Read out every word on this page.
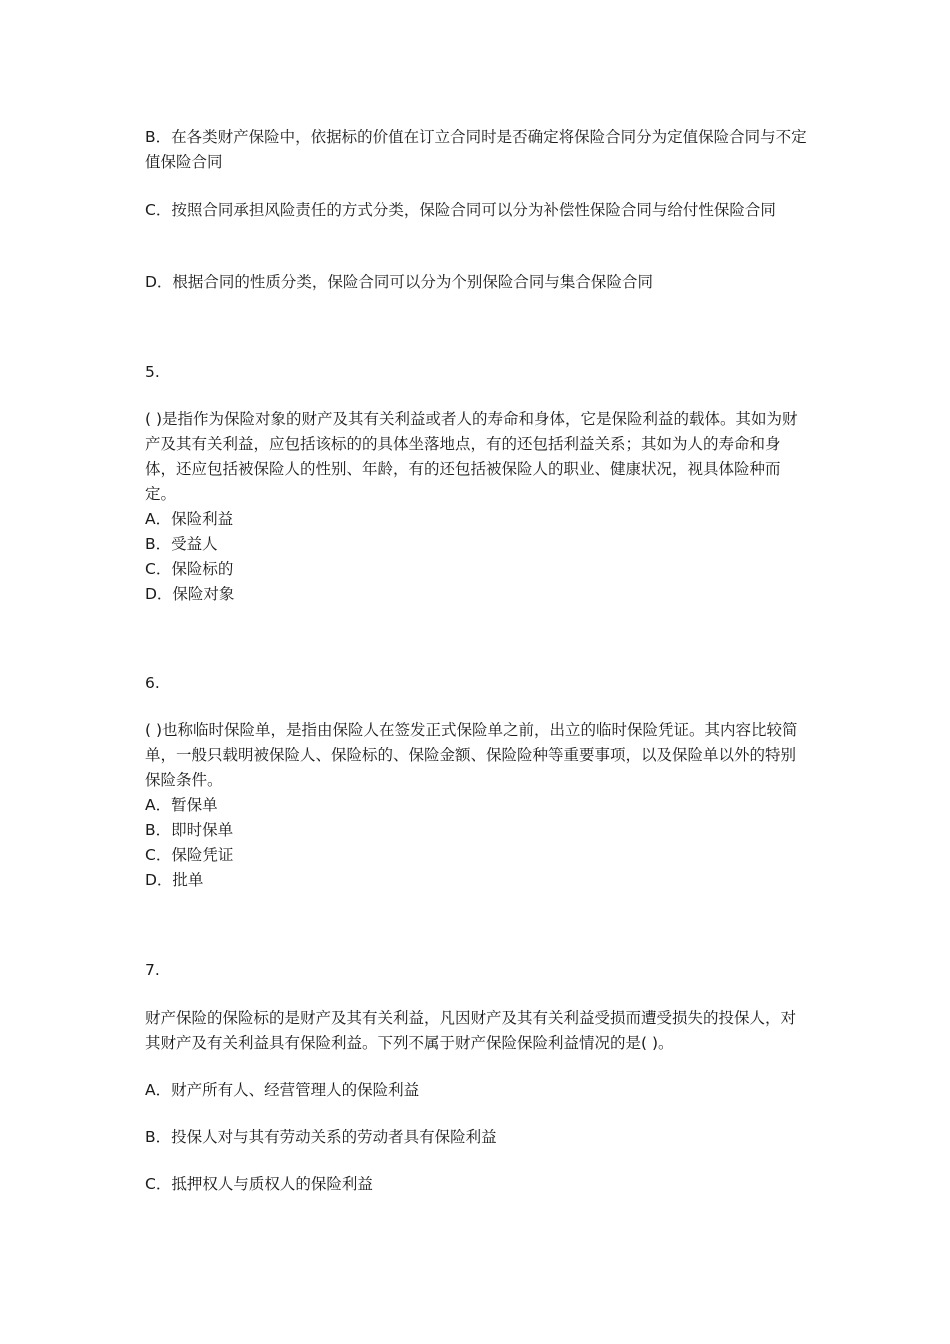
B．在各类财产保险中，依据标的价值在订立合同时是否确定将保险合同分为定值保险合同与不定值保险合同

C．按照合同承担风险责任的方式分类，保险合同可以分为补偿性保险合同与给付性保险合同

D．根据合同的性质分类，保险合同可以分为个别保险合同与集合保险合同

5.

( )是指作为保险对象的财产及其有关利益或者人的寿命和身体，它是保险利益的载体。其如为财产及其有关利益，应包括该标的的具体坐落地点，有的还包括利益关系；其如为人的寿命和身体，还应包括被保险人的性别、年龄，有的还包括被保险人的职业、健康状况，视具体险种而定。

A．保险利益

B．受益人

C．保险标的

D．保险对象

6.

( )也称临时保险单，是指由保险人在签发正式保险单之前，出立的临时保险凭证。其内容比较简单，一般只载明被保险人、保险标的、保险金额、保险险种等重要事项，以及保险单以外的特别保险条件。

A．暂保单

B．即时保单

C．保险凭证

D．批单

7.

财产保险的保险标的是财产及其有关利益，凡因财产及其有关利益受损而遭受损失的投保人，对其财产及有关利益具有保险利益。下列不属于财产保险保险利益情况的是( )。

A．财产所有人、经营管理人的保险利益

B．投保人对与其有劳动关系的劳动者具有保险利益

C．抵押权人与质权人的保险利益
